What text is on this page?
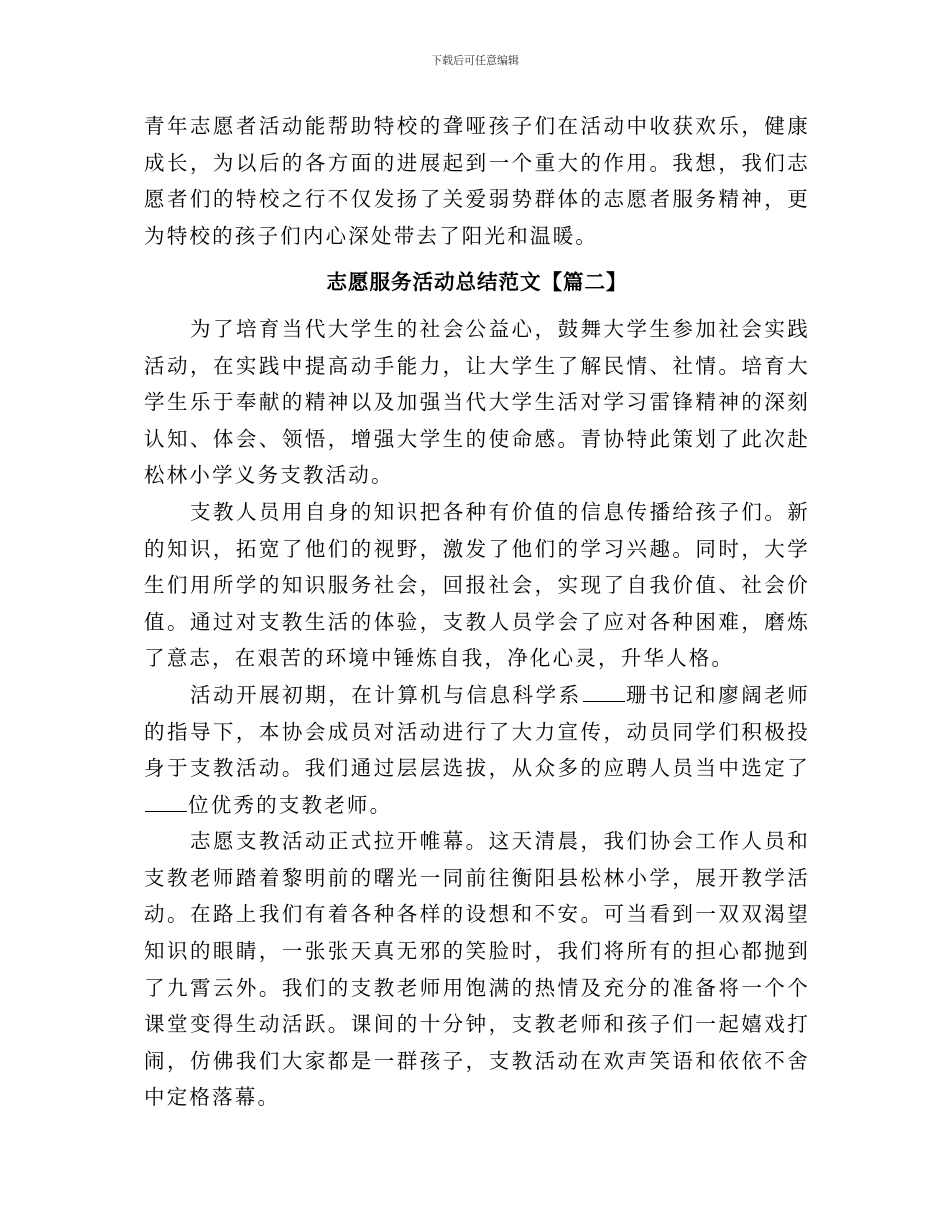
下载后可任意编辑

青年志愿者活动能帮助特校的聋哑孩子们在活动中收获欢乐，健康成长，为以后的各方面的进展起到一个重大的作用。我想，我们志愿者们的特校之行不仅发扬了关爱弱势群体的志愿者服务精神，更为特校的孩子们内心深处带去了阳光和温暖。

志愿服务活动总结范文【篇二】

为了培育当代大学生的社会公益心，鼓舞大学生参加社会实践活动，在实践中提高动手能力，让大学生了解民情、社情。培育大学生乐于奉献的精神以及加强当代大学生活对学习雷锋精神的深刻认知、体会、领悟，增强大学生的使命感。青协特此策划了此次赴松林小学义务支教活动。

支教人员用自身的知识把各种有价值的信息传播给孩子们。新的知识，拓宽了他们的视野，激发了他们的学习兴趣。同时，大学生们用所学的知识服务社会，回报社会，实现了自我价值、社会价值。通过对支教生活的体验，支教人员学会了应对各种困难，磨炼了意志，在艰苦的环境中锤炼自我，净化心灵，升华人格。

活动开展初期，在计算机与信息科学系 珊书记和廖阔老师的指导下，本协会成员对活动进行了大力宣传，动员同学们积极投身于支教活动。我们通过层层选拔，从众多的应聘人员当中选定了位优秀的支教老师。

志愿支教活动正式拉开帷幕。这天清晨，我们协会工作人员和支教老师踏着黎明前的曙光一同前往衡阳县松林小学，展开教学活动。在路上我们有着各种各样的设想和不安。可当看到一双双渴望知识的眼睛，一张张天真无邪的笑脸时，我们将所有的担心都抛到了九霄云外。我们的支教老师用饱满的热情及充分的准备将一个个课堂变得生动活跃。课间的十分钟，支教老师和孩子们一起嬉戏打闹，仿佛我们大家都是一群孩子，支教活动在欢声笑语和依依不舍中定格落幕。
